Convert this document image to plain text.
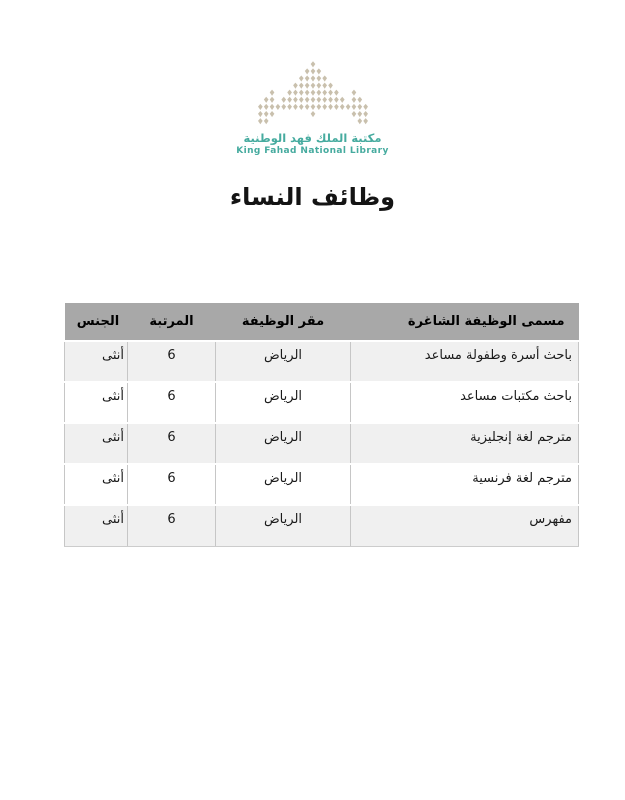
مكتبة الملك فهد الوطنية
King Fahad National Library
وظائف النساء
مسمى الوظيفة الشاغرة	مقر الوظيفة	المرتبة	الجنس
باحث أسرة وطفولة مساعد	الرياض	6	أنثى
باحث مكتبات مساعد	الرياض	6	أنثى
مترجم لغة إنجليزية	الرياض	6	أنثى
مترجم لغة فرنسية	الرياض	6	أنثى
مفهرس	الرياض	6	أنثى
